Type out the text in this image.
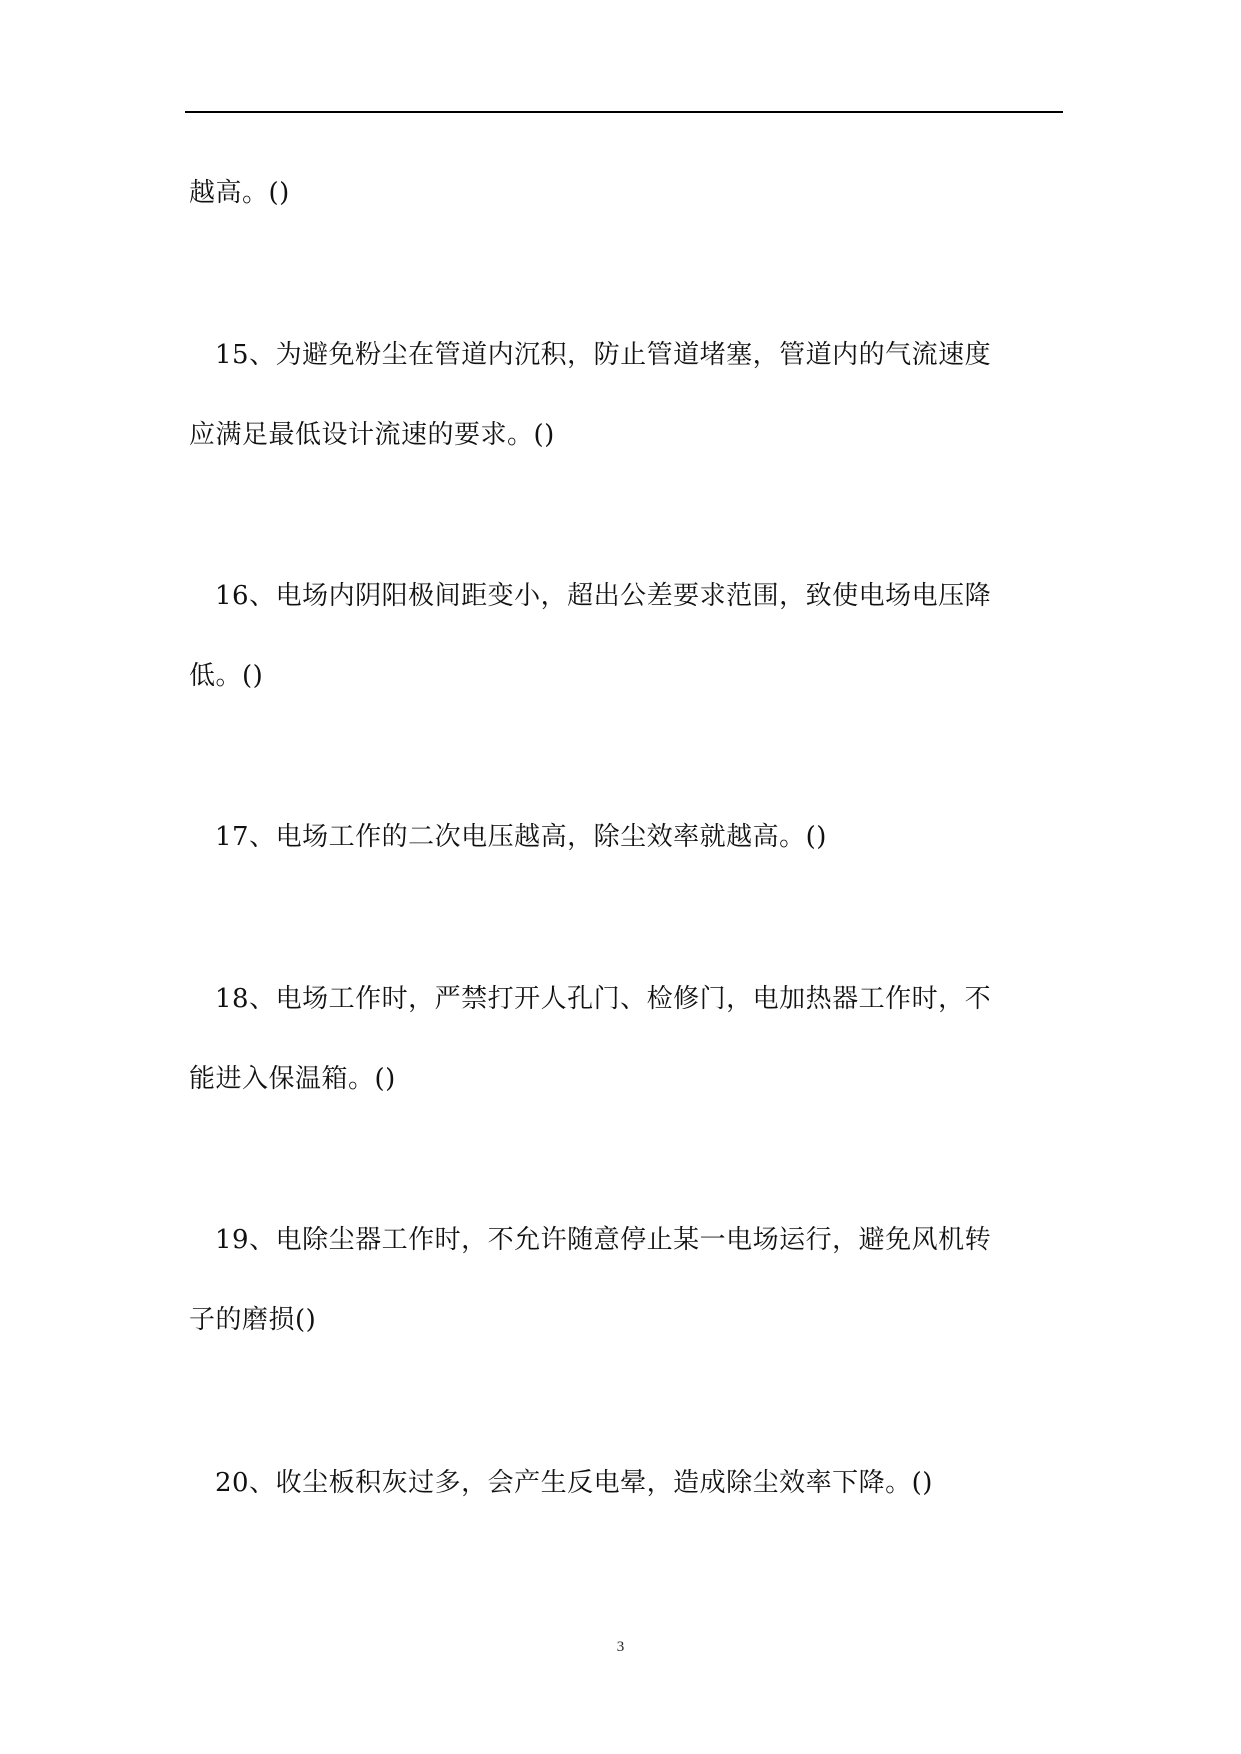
越高。()
15、为避免粉尘在管道内沉积，防止管道堵塞，管道内的气流速度
应满足最低设计流速的要求。()
16、电场内阴阳极间距变小，超出公差要求范围，致使电场电压降
低。()
17、电场工作的二次电压越高，除尘效率就越高。()
18、电场工作时，严禁打开人孔门、检修门，电加热器工作时，不
能进入保温箱。()
19、电除尘器工作时，不允许随意停止某一电场运行，避免风机转
子的磨损()
20、收尘板积灰过多，会产生反电晕，造成除尘效率下降。()
3
